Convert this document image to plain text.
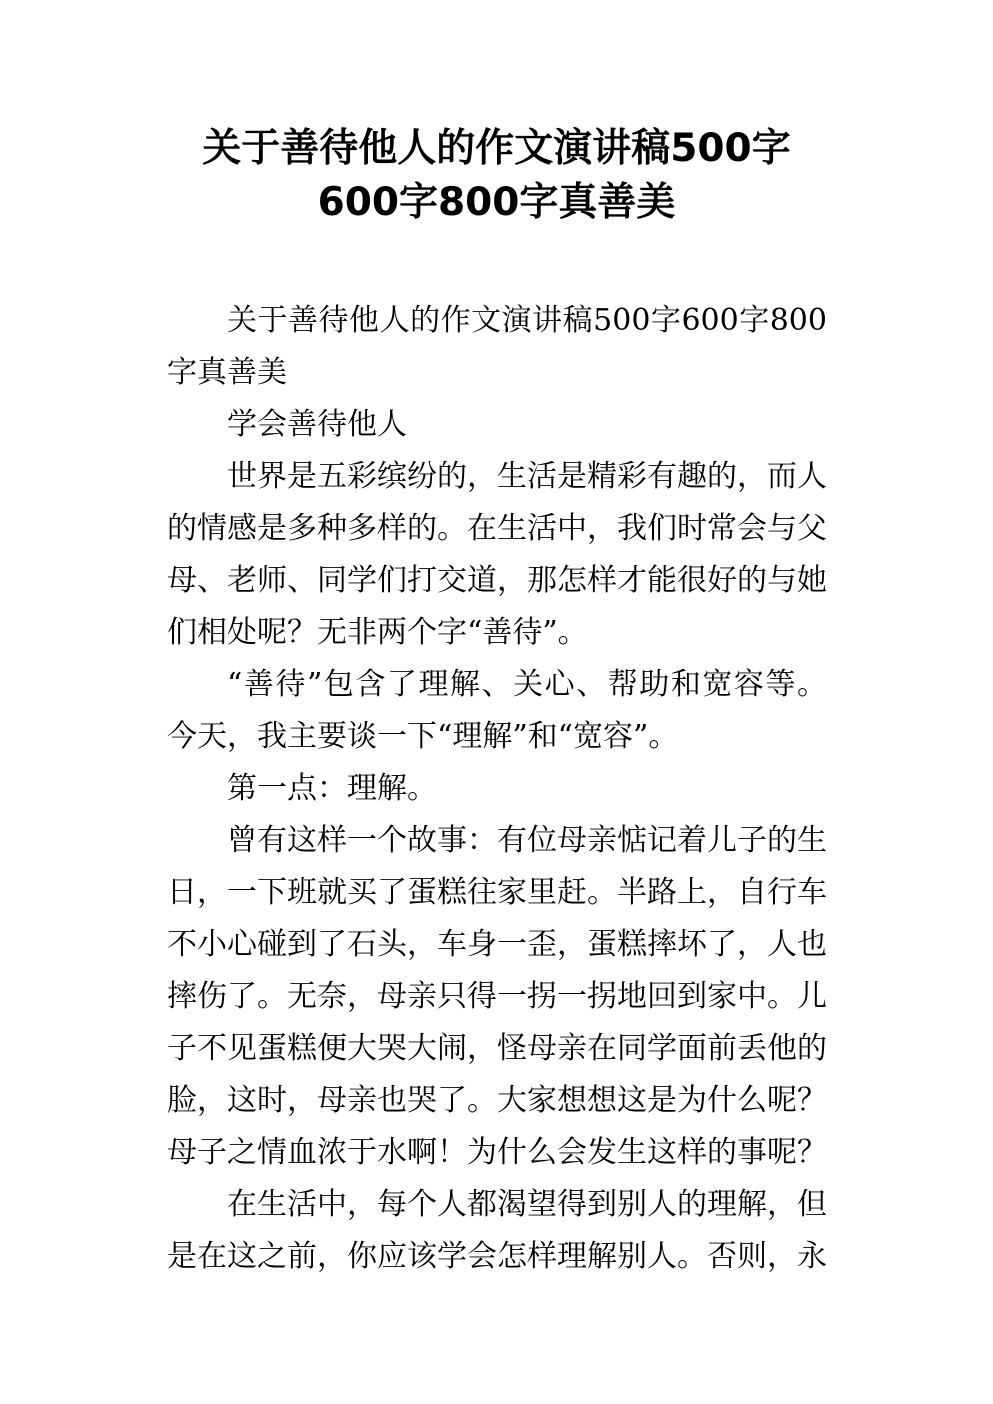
关于善待他人的作文演讲稿500字
600字800字真善美

关于善待他人的作文演讲稿500字600字800字真善美

学会善待他人

世界是五彩缤纷的，生活是精彩有趣的，而人的情感是多种多样的。在生活中，我们时常会与父母、老师、同学们打交道，那怎样才能很好的与她们相处呢？无非两个字“善待”。

“善待”包含了理解、关心、帮助和宽容等。今天，我主要谈一下“理解”和“宽容”。

第一点：理解。

曾有这样一个故事：有位母亲惦记着儿子的生日，一下班就买了蛋糕往家里赶。半路上，自行车不小心碰到了石头，车身一歪，蛋糕摔坏了，人也摔伤了。无奈，母亲只得一拐一拐地回到家中。儿子不见蛋糕便大哭大闹，怪母亲在同学面前丢他的脸，这时，母亲也哭了。大家想想这是为什么呢？母子之情血浓于水啊！为什么会发生这样的事呢？

在生活中，每个人都渴望得到别人的理解，但是在这之前，你应该学会怎样理解别人。否则，永
